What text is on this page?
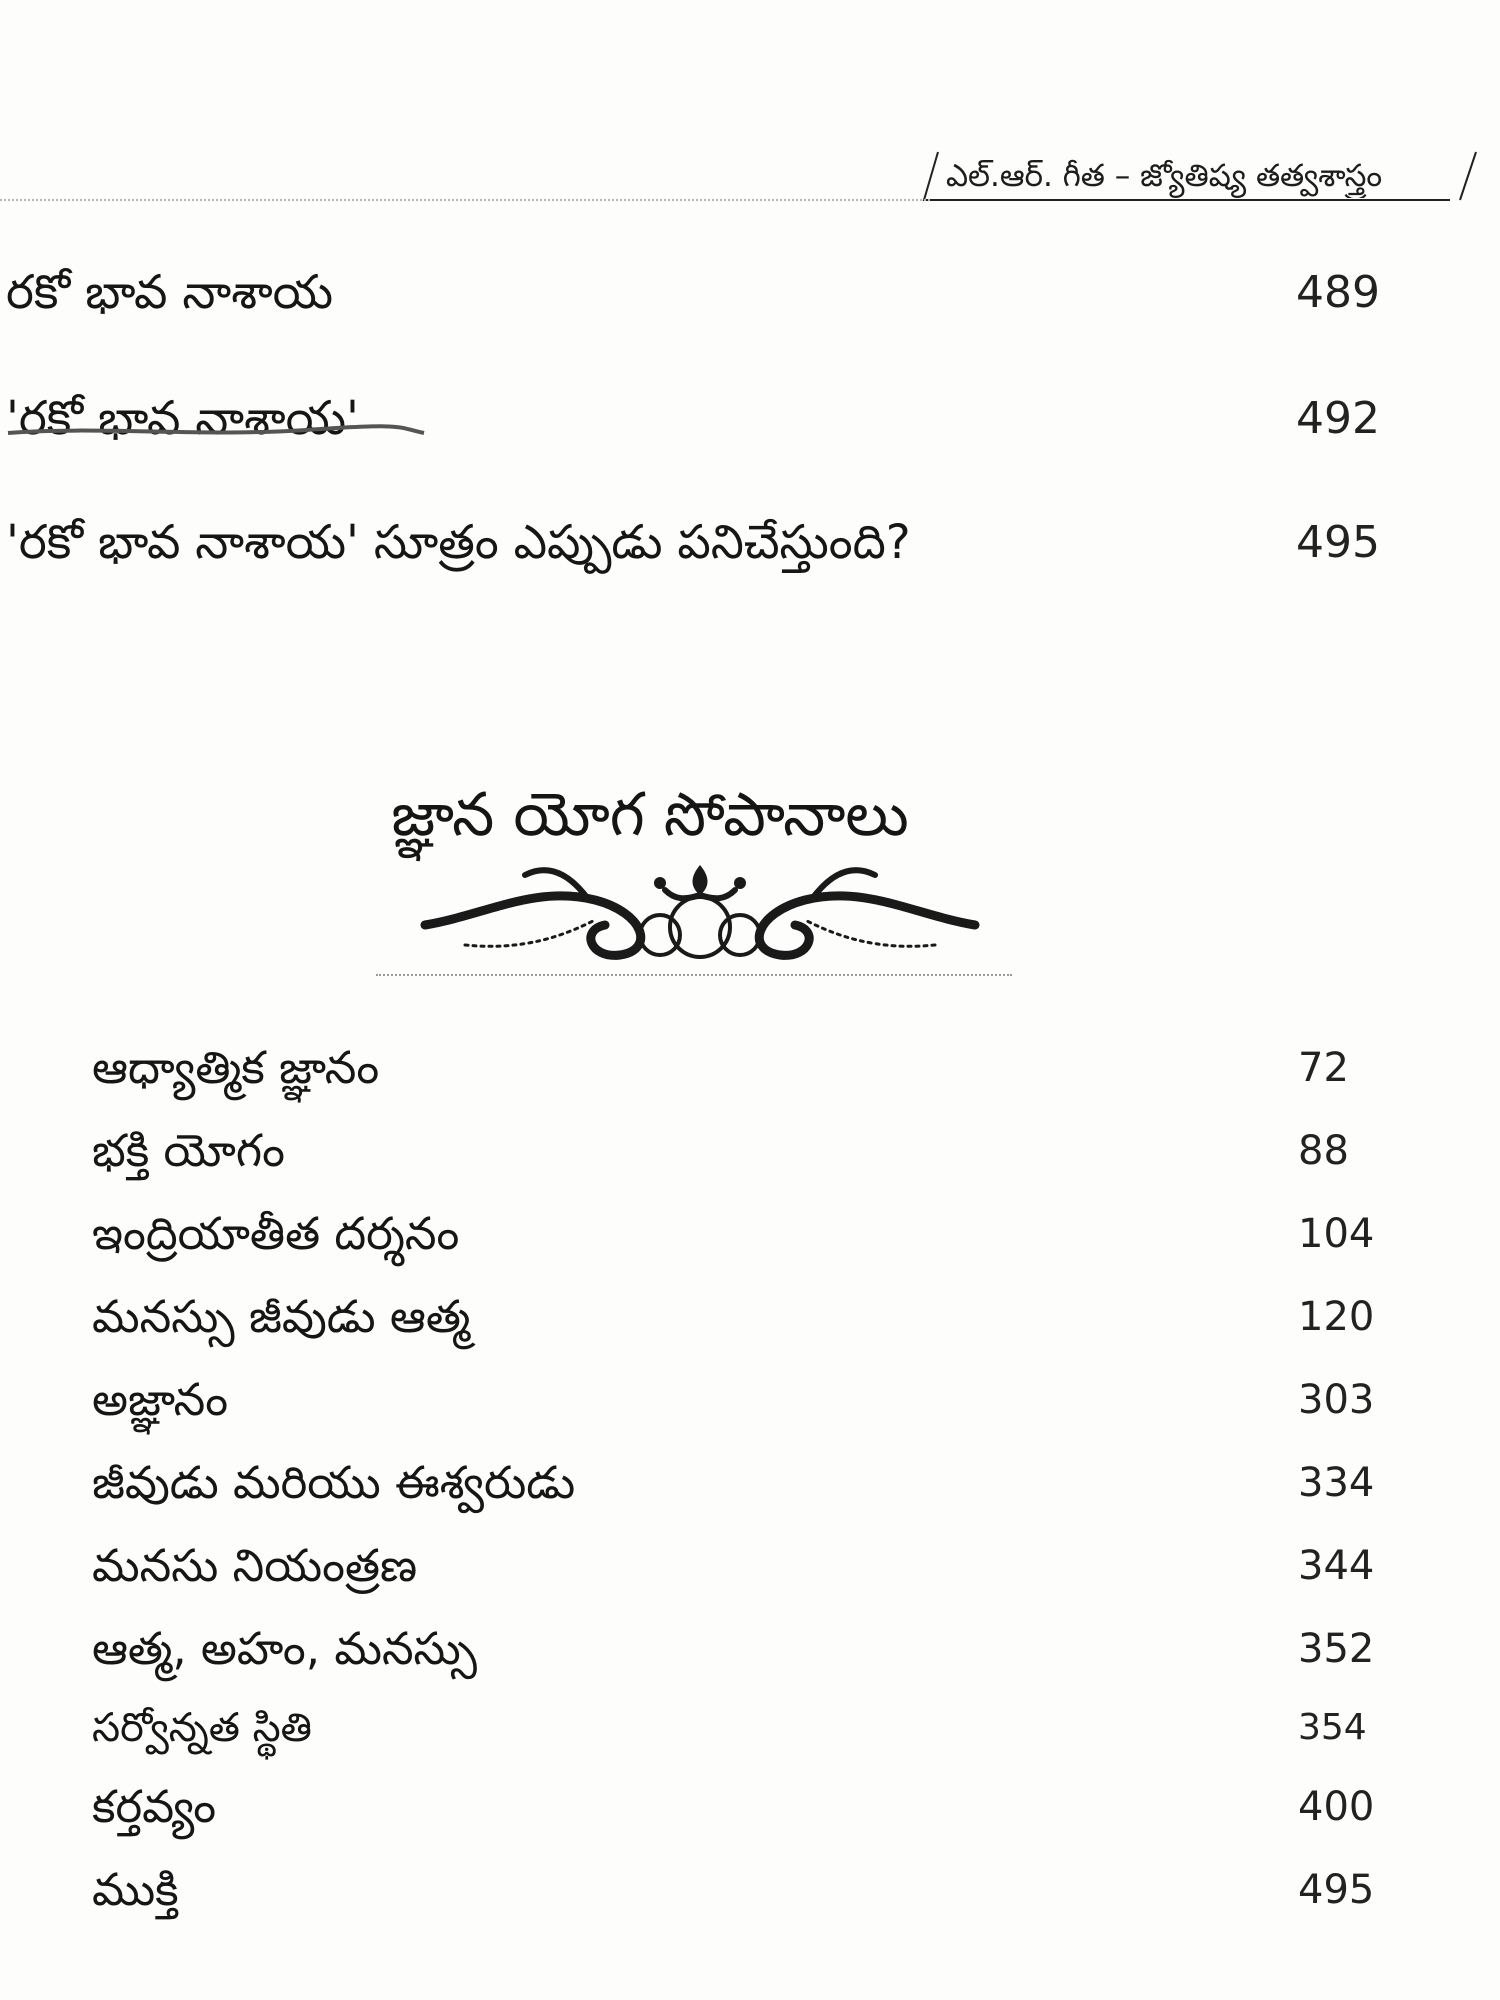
ఎల్.ఆర్. గీత – జ్యోతిష్య తత్వశాస్త్రం
రకో భావ నాశాయ	489
'రకో భావ నాశాయ'	492
'రకో భావ నాశాయ' సూత్రం ఎప్పుడు పనిచేస్తుంది?	495
జ్ఞాన యోగ సోపానాలు
ఆధ్యాత్మిక జ్ఞానం	72
భక్తి యోగం	88
ఇంద్రియాతీత దర్శనం	104
మనస్సు జీవుడు ఆత్మ	120
అజ్ఞానం	303
జీవుడు మరియు ఈశ్వరుడు	334
మనసు నియంత్రణ	344
ఆత్మ, అహం, మనస్సు	352
సర్వోన్నత స్థితి	354
కర్తవ్యం	400
ముక్తి	495
